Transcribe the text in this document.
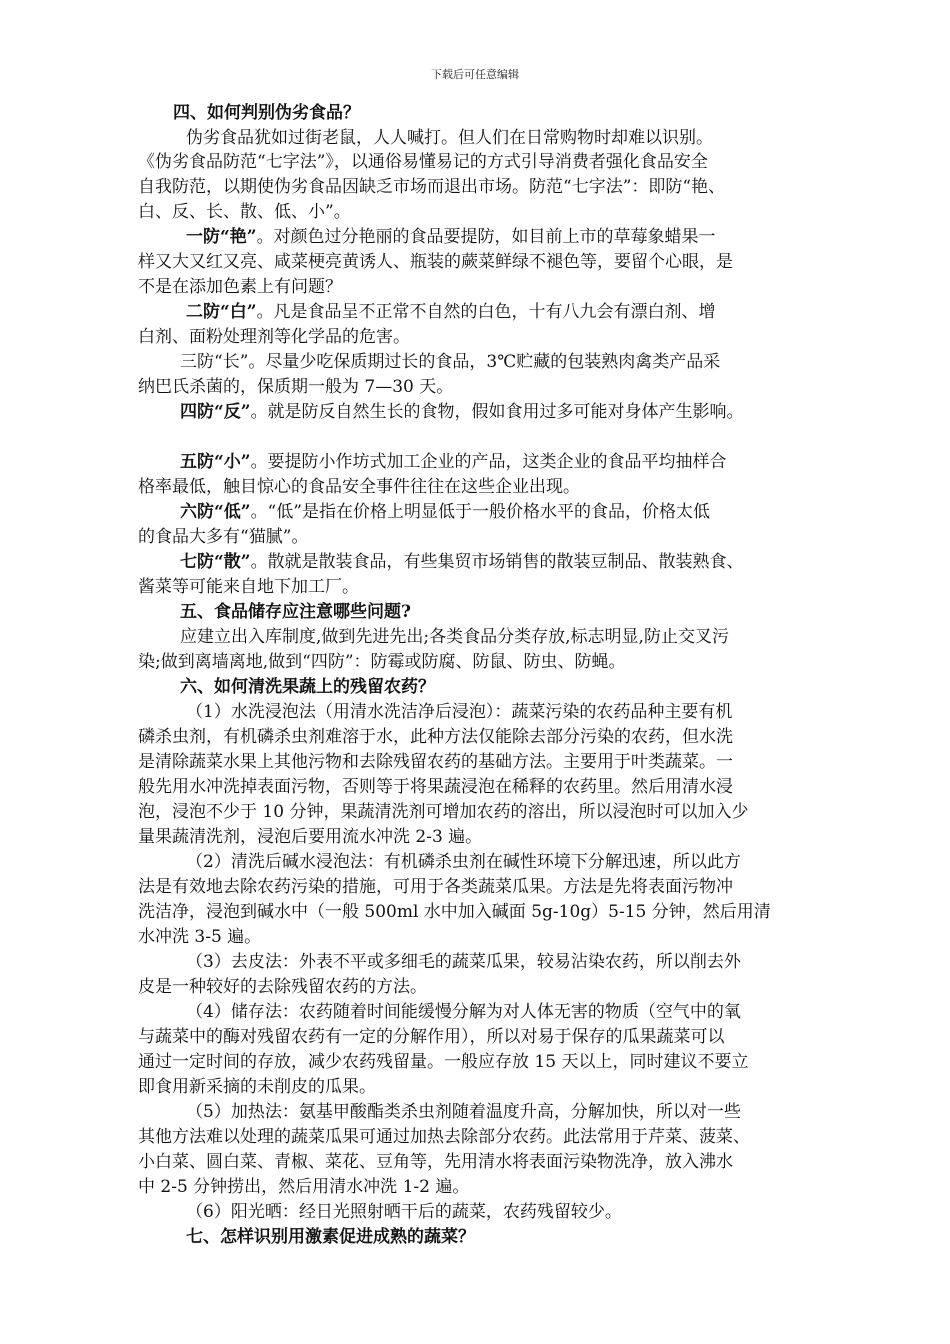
下载后可任意编辑
四、如何判别伪劣食品？
伪劣食品犹如过街老鼠，人人喊打。但人们在日常购物时却难以识别。
《伪劣食品防范“七字法”》，以通俗易懂易记的方式引导消费者强化食品安全
自我防范，以期使伪劣食品因缺乏市场而退出市场。防范“七字法”：即防“艳、
白、反、长、散、低、小”。
一防“艳”。对颜色过分艳丽的食品要提防，如目前上市的草莓象蜡果一
样又大又红又亮、咸菜梗亮黄诱人、瓶装的蕨菜鲜绿不褪色等，要留个心眼，是
不是在添加色素上有问题？
二防“白”。凡是食品呈不正常不自然的白色，十有八九会有漂白剂、增
白剂、面粉处理剂等化学品的危害。
三防“长”。尽量少吃保质期过长的食品，3℃贮藏的包装熟肉禽类产品采
纳巴氏杀菌的，保质期一般为 7—30 天。
四防“反”。就是防反自然生长的食物，假如食用过多可能对身体产生影响。
五防“小”。要提防小作坊式加工企业的产品，这类企业的食品平均抽样合
格率最低，触目惊心的食品安全事件往往在这些企业出现。
六防“低”。“低”是指在价格上明显低于一般价格水平的食品，价格太低
的食品大多有“猫腻”。
七防“散”。散就是散装食品，有些集贸市场销售的散装豆制品、散装熟食、
酱菜等可能来自地下加工厂。
五、食品储存应注意哪些问题?
应建立出入库制度,做到先进先出;各类食品分类存放,标志明显,防止交叉污
染;做到离墙离地,做到“四防”：防霉或防腐、防鼠、防虫、防蝇。
六、如何清洗果蔬上的残留农药？
（1）水洗浸泡法（用清水洗洁净后浸泡）：蔬菜污染的农药品种主要有机
磷杀虫剂，有机磷杀虫剂难溶于水，此种方法仅能除去部分污染的农药，但水洗
是清除蔬菜水果上其他污物和去除残留农药的基础方法。主要用于叶类蔬菜。一
般先用水冲洗掉表面污物，否则等于将果蔬浸泡在稀释的农药里。然后用清水浸
泡，浸泡不少于 10 分钟，果蔬清洗剂可增加农药的溶出，所以浸泡时可以加入少
量果蔬清洗剂，浸泡后要用流水冲洗 2-3 遍。
（2）清洗后碱水浸泡法：有机磷杀虫剂在碱性环境下分解迅速，所以此方
法是有效地去除农药污染的措施，可用于各类蔬菜瓜果。方法是先将表面污物冲
洗洁净，浸泡到碱水中（一般 500ml 水中加入碱面 5g-10g）5-15 分钟，然后用清
水冲洗 3-5 遍。
（3）去皮法：外表不平或多细毛的蔬菜瓜果，较易沾染农药，所以削去外
皮是一种较好的去除残留农药的方法。
（4）储存法：农药随着时间能缓慢分解为对人体无害的物质（空气中的氧
与蔬菜中的酶对残留农药有一定的分解作用），所以对易于保存的瓜果蔬菜可以
通过一定时间的存放，减少农药残留量。一般应存放 15 天以上，同时建议不要立
即食用新采摘的未削皮的瓜果。
（5）加热法：氨基甲酸酯类杀虫剂随着温度升高，分解加快，所以对一些
其他方法难以处理的蔬菜瓜果可通过加热去除部分农药。此法常用于芹菜、菠菜、
小白菜、圆白菜、青椒、菜花、豆角等，先用清水将表面污染物洗净，放入沸水
中 2-5 分钟捞出，然后用清水冲洗 1-2 遍。
（6）阳光晒：经日光照射晒干后的蔬菜，农药残留较少。
七、怎样识别用激素促进成熟的蔬菜？
